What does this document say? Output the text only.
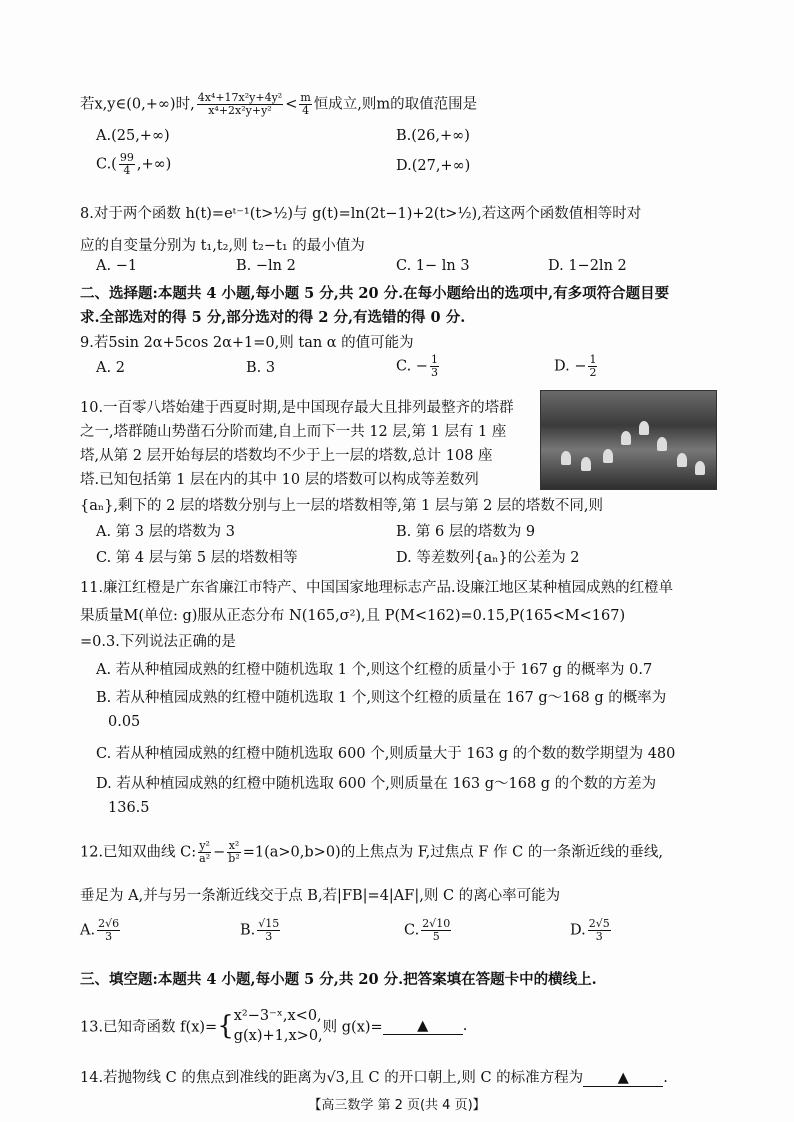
若x,y∈(0,+∞)时, $\frac{\text{4x⁴+17x²y+4y²}}{\text{x⁴+2x²y+y²}} < \frac{m}{4}$ 恒成立,则m的取值范围是
A.(25,+∞)	B.(26,+∞)
$C.( \frac{99}{4}$ ,+∞)	D.(27,+∞)
8.对于两个函数 h(t)=eᵗ⁻¹(t>½)与 g(t)=ln(2t−1)+2(t>½),若这两个函数值相等时对
应的自变量分别为 t₁,t₂,则 t₂−t₁ 的最小值为
A. −1	B. −ln 2	C. 1− ln 3	D. 1−2ln 2
二、选择题:本题共 4 小题,每小题 5 分,共 20 分.在每小题给出的选项中,有多项符合题目要
求.全部选对的得 5 分,部分选对的得 2 分,有选错的得 0 分.
9.若5sin 2α+5cos 2α+1=0,则 tan α 的值可能为
A. 2	B. 3	C. − $\frac{1}{3}$	D. − $\frac{1}{2}$
10.一百零八塔始建于西夏时期,是中国现存最大且排列最整齐的塔群
之一,塔群随山势凿石分阶而建,自上而下一共 12 层,第 1 层有 1 座
塔,从第 2 层开始每层的塔数均不少于上一层的塔数,总计 108 座
塔.已知包括第 1 层在内的其中 10 层的塔数可以构成等差数列
{aₙ},剩下的 2 层的塔数分别与上一层的塔数相等,第 1 层与第 2 层的塔数不同,则
A. 第 3 层的塔数为 3	B. 第 6 层的塔数为 9
C. 第 4 层与第 5 层的塔数相等	D. 等差数列{aₙ}的公差为 2
11.廉江红橙是广东省廉江市特产、中国国家地理标志产品.设廉江地区某种植园成熟的红橙单
果质量M(单位: g)服从正态分布 N(165,σ²),且 P(M<162)=0.15,P(165<M<167)
=0.3.下列说法正确的是
A. 若从种植园成熟的红橙中随机选取 1 个,则这个红橙的质量小于 167 g 的概率为 0.7
B. 若从种植园成熟的红橙中随机选取 1 个,则这个红橙的质量在 167 g～168 g 的概率为
0.05
C. 若从种植园成熟的红橙中随机选取 600 个,则质量大于 163 g 的个数的数学期望为 480
D. 若从种植园成熟的红橙中随机选取 600 个,则质量在 163 g～168 g 的个数的方差为
136.5
12.已知双曲线 C: $\frac{\text{y²}}{\text{a²}} - \frac{\text{x²}}{\text{b²}} =1(a>0,b>0)$的上焦点为 F,过焦点 F 作 C 的一条渐近线的垂线,
垂足为 A,并与另一条渐近线交于点 B,若|FB|=4|AF|,则 C 的离心率可能为
A. $\frac{2√6}{3}$	B. $\frac{√15}{3}$	C. $\frac{2√10}{5}$	D. $\frac{2√5}{3}$
三、填空题:本题共 4 小题,每小题 5 分,共 20 分.把答案填在答题卡中的横线上.
13.已知奇函数 f(x)={ x²−3⁻ˣ,x<0,
g(x)+1,x>0,
则 g(x)= ▲ .
14.若抛物线 C 的焦点到准线的距离为√3,且 C 的开口朝上,则 C 的标准方程为 ▲ .
【高三数学 第 2 页(共 4 页)】
